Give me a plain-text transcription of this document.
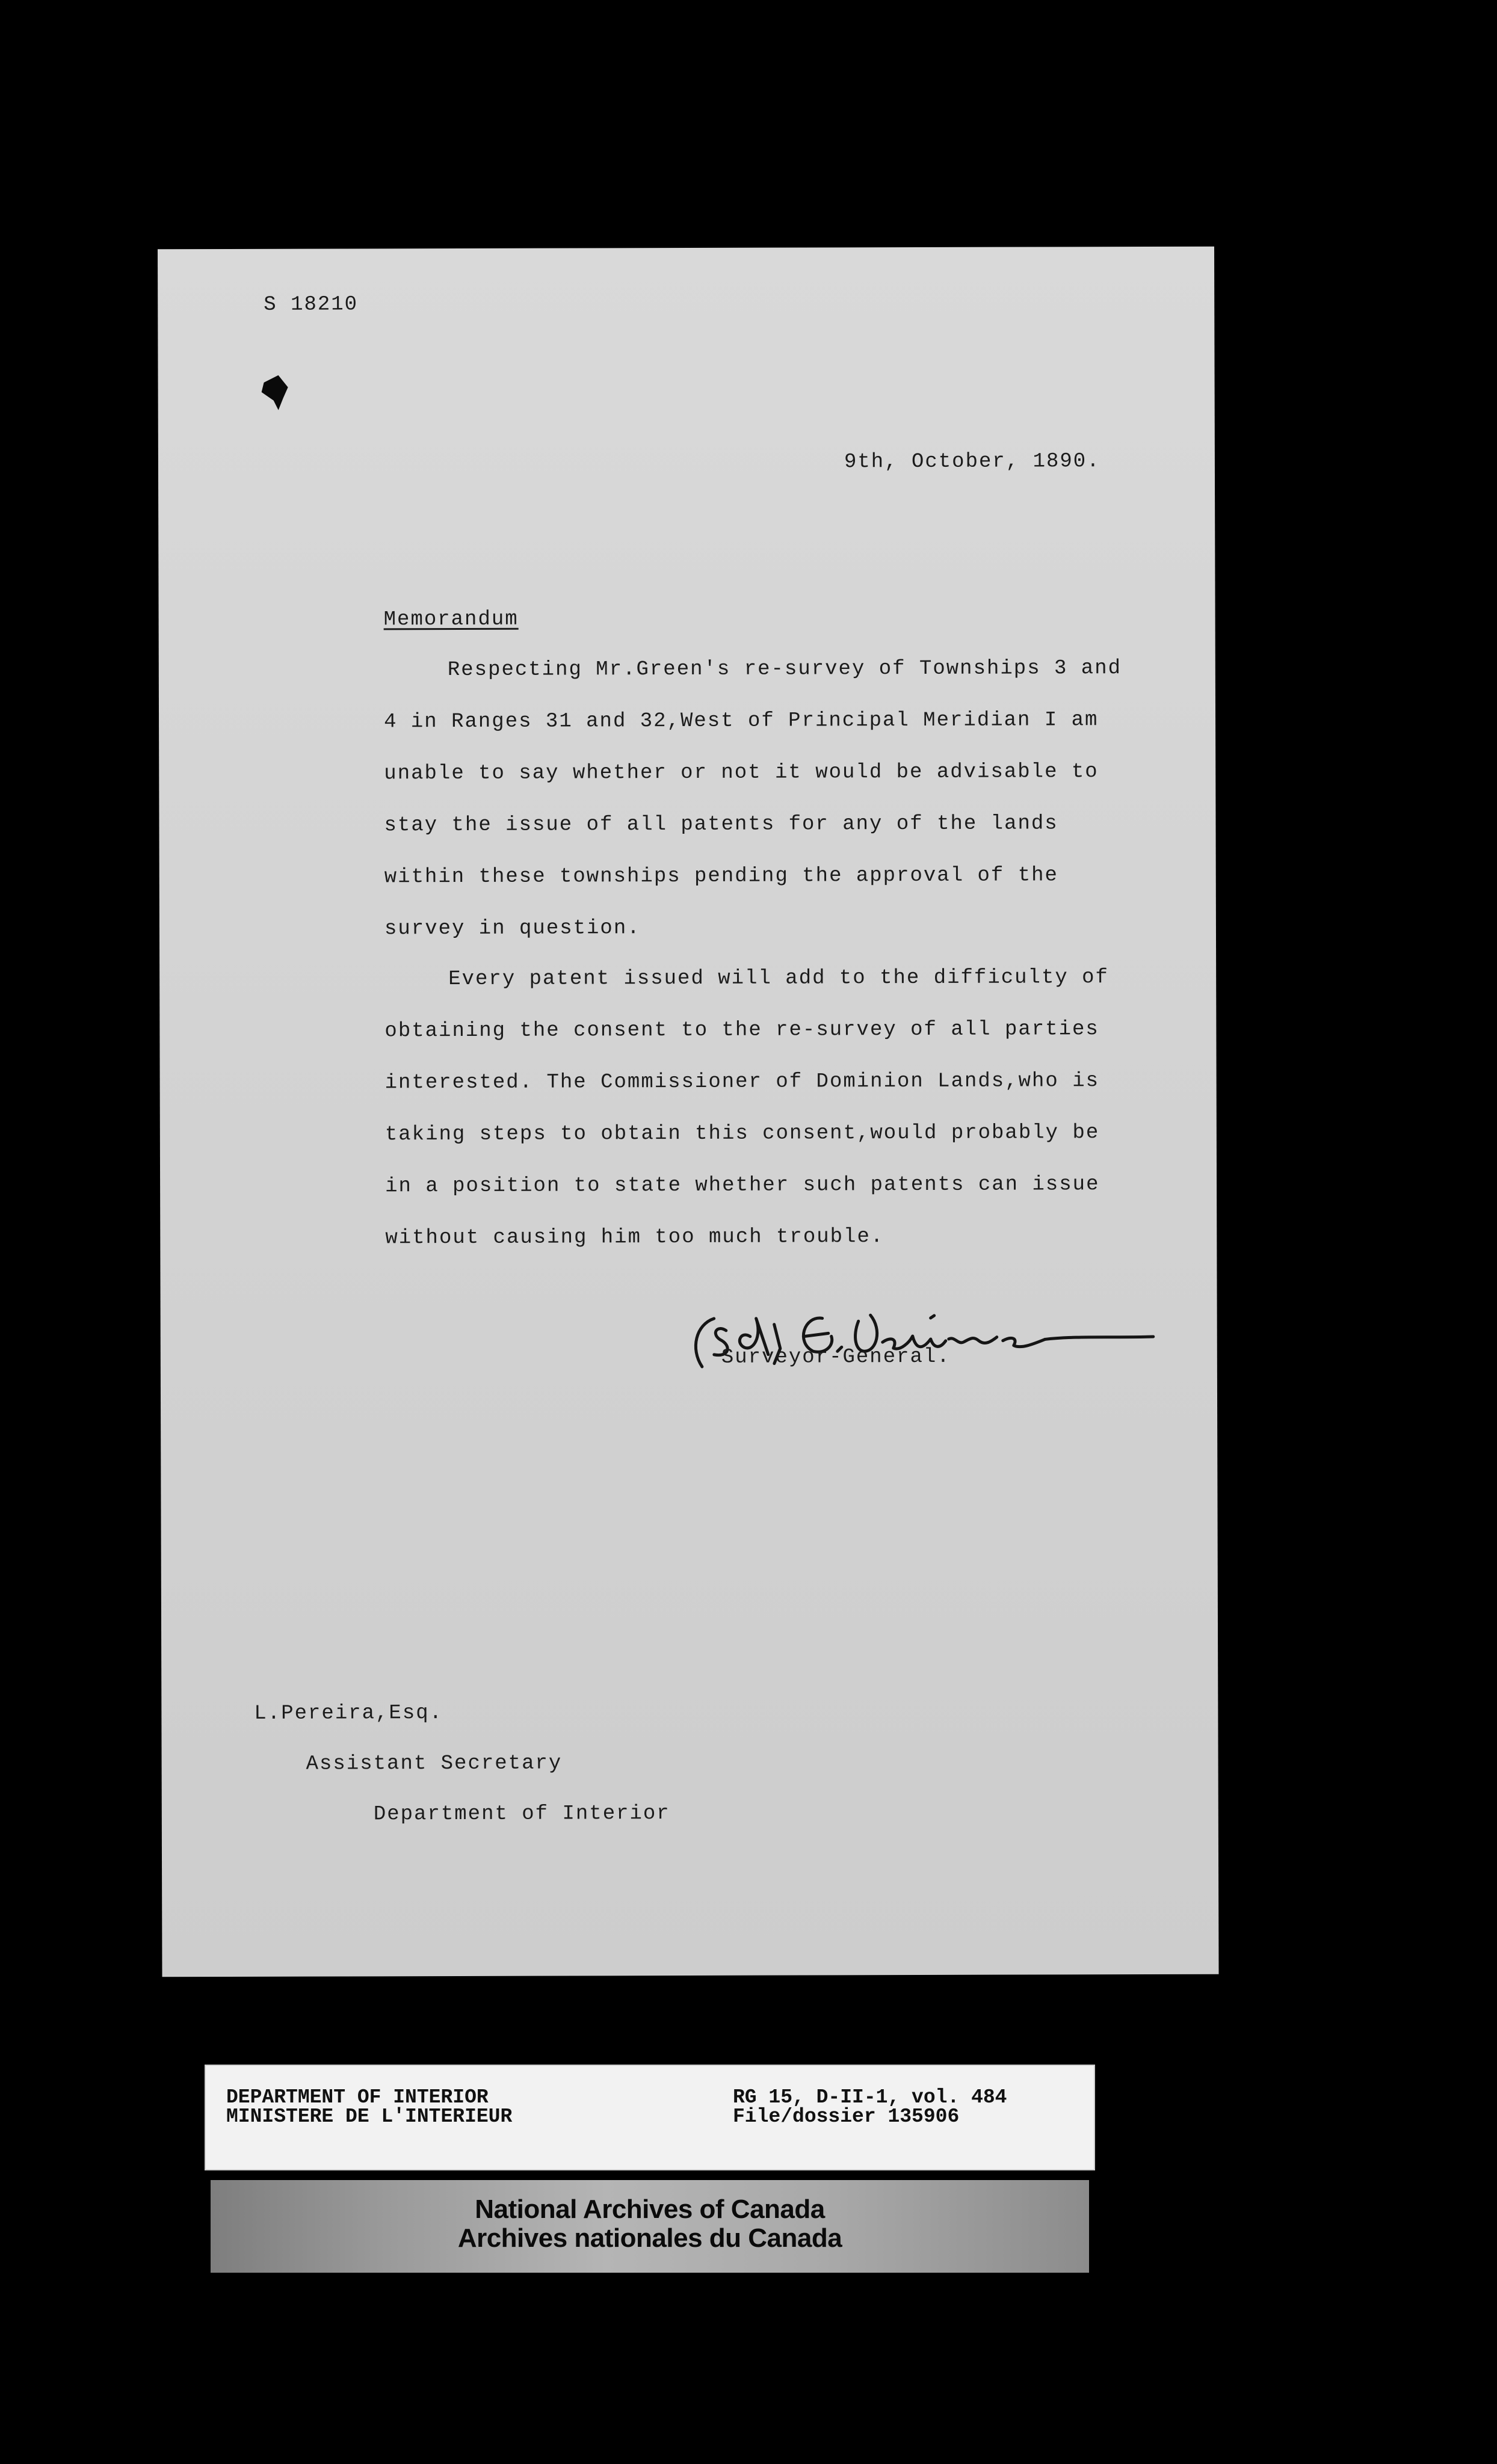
S 18210
9th, October, 1890.
Memorandum
Respecting Mr.Green's re-survey of Townships 3 and
4 in Ranges 31 and 32,West of Principal Meridian I am
unable to say whether or not it would be advisable to
stay the issue of all patents for any of the lands
within these townships pending the approval of the
survey in question.
Every patent issued will add to the difficulty of
obtaining the consent to the re-survey of all parties
interested. The Commissioner of Dominion Lands,who is
taking steps to obtain this consent,would probably be
in a position to state whether such patents can issue
without causing him too much trouble.
Surveyor-General.
L.Pereira,Esq.
Assistant Secretary
Department of Interior
DEPARTMENT OF INTERIOR
MINISTERE DE L'INTERIEUR
RG 15, D-II-1, vol. 484
File/dossier 135906
National Archives of Canada
Archives nationales du Canada
